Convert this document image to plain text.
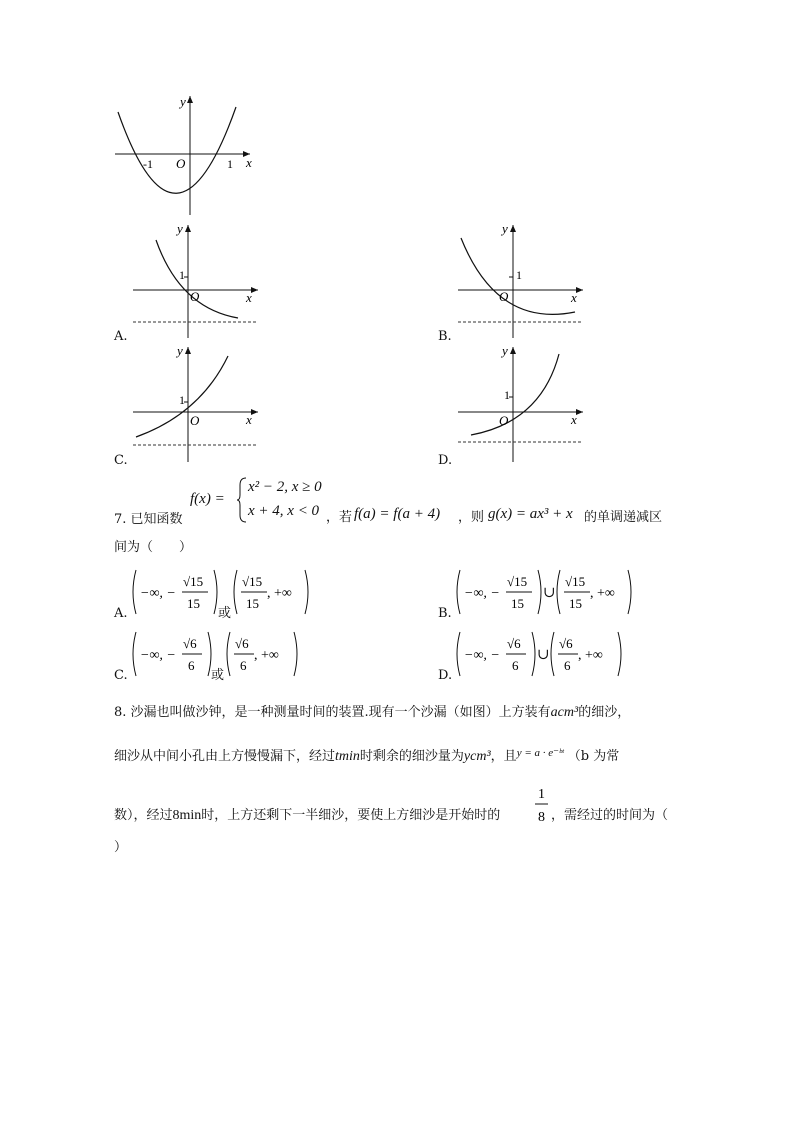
y
x
O
-1	1
y
x
O
1
A.
y
x
O
1
B.
y
x
O
1
C.
y
x
O
1
D.
7. 已知函数
f(x) =
x² − 2, x ≥ 0
x + 4, x < 0 ，若 f(a) = f(a + 4) ，则 g(x) = ax³ + x 的单调递减区
间为（　　）
A.
−∞, −
√15
15
或
√15
15
, +∞
B.
−∞, −
√15
15
∪
√15
15
, +∞
C.
−∞, −
√6
6
或
√6
6
, +∞
D.
−∞, −
√6
6
∪
√6
6
, +∞
8. 沙漏也叫做沙钟，是一种测量时间的装置.现有一个沙漏（如图）上方装有acm³的细沙，
细沙从中间小孔由上方慢慢漏下，经过tmin时剩余的细沙量为ycm³，且$^{y = a \cdot e^-ᵇᵗ}$ （b 为常
数），经过8min时，上方还剩下一半细沙，要使上方细沙是开始时的
1
8 ，需经过的时间为（
）
